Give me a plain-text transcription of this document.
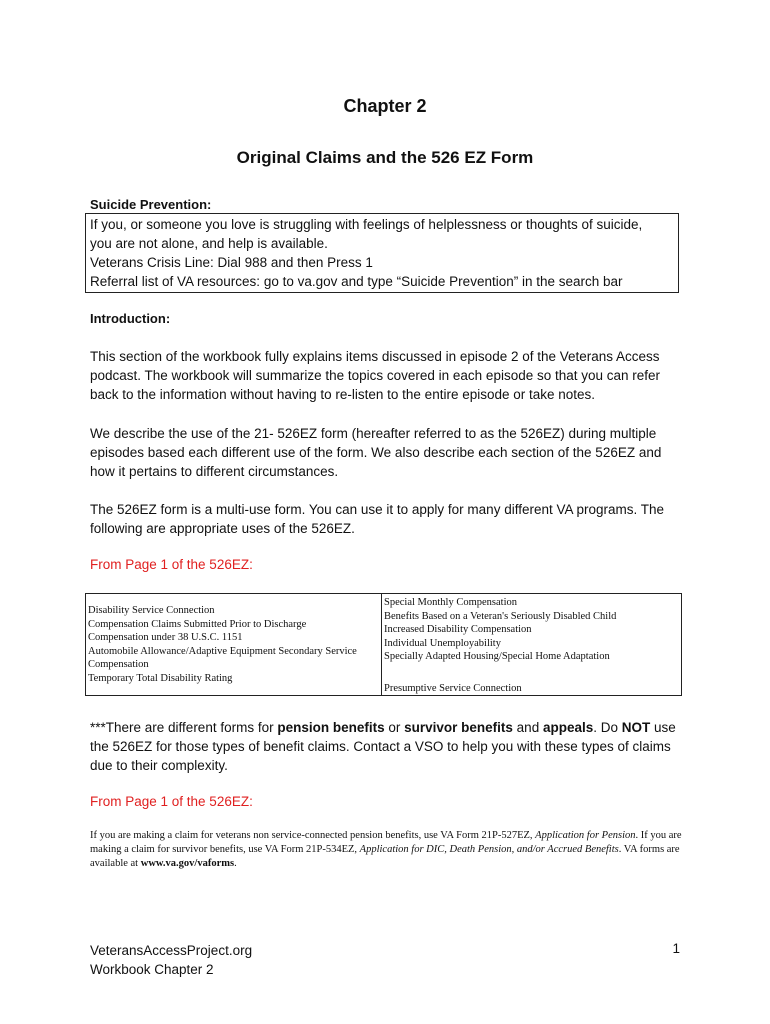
Chapter 2
Original Claims and the 526 EZ Form
Suicide Prevention:
If you, or someone you love is struggling with feelings of helplessness or thoughts of suicide,
you are not alone, and help is available.
Veterans Crisis Line: Dial 988 and then Press 1
Referral list of VA resources: go to va.gov and type “Suicide Prevention” in the search bar
Introduction:
This section of the workbook fully explains items discussed in episode 2 of the Veterans Access podcast. The workbook will summarize the topics covered in each episode so that you can refer back to the information without having to re-listen to the entire episode or take notes.
We describe the use of the 21- 526EZ form (hereafter referred to as the 526EZ) during multiple episodes based each different use of the form. We also describe each section of the 526EZ and how it pertains to different circumstances.
The 526EZ form is a multi-use form. You can use it to apply for many different VA programs. The following are appropriate uses of the 526EZ.
From Page 1 of the 526EZ:
Disability Service Connection
Compensation Claims Submitted Prior to Discharge
Compensation under 38 U.S.C. 1151
Automobile Allowance/Adaptive Equipment Secondary Service Compensation
Temporary Total Disability Rating

Special Monthly Compensation
Benefits Based on a Veteran's Seriously Disabled Child
Increased Disability Compensation
Individual Unemployability
Specially Adapted Housing/Special Home Adaptation
Presumptive Service Connection
***There are different forms for pension benefits or survivor benefits and appeals. Do NOT use the 526EZ for those types of benefit claims. Contact a VSO to help you with these types of claims due to their complexity.
From Page 1 of the 526EZ:
If you are making a claim for veterans non service-connected pension benefits, use VA Form 21P-527EZ, Application for Pension. If you are making a claim for survivor benefits, use VA Form 21P-534EZ, Application for DIC, Death Pension, and/or Accrued Benefits. VA forms are available at www.va.gov/vaforms.
VeteransAccessProject.org
Workbook Chapter 2
1
